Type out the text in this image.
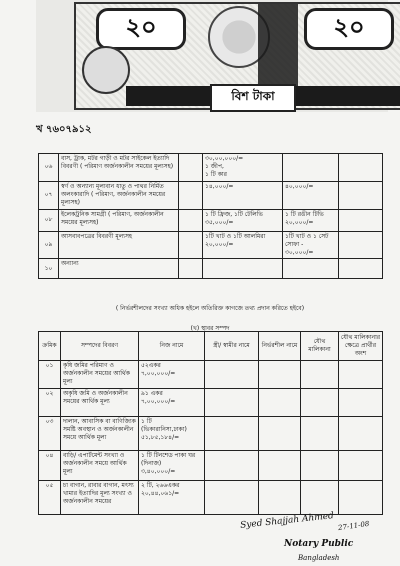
২০	২০
বিশ টাকা
খ ৭৬০৭৯১২
০৬	বাস, ট্রাক, মটর গাড়ী ও মটর সাইকেল ইত্যাদি বিবরণী ( পরিমাণ অর্জনকালীন সময়ের মূল্যসহ)		৩০,০০,০০০/=
১ জীপ,
১ টি কার		
০৭	স্বর্ণ ও অন্যান্য মূল্যবান ধাতু ও পাথর নির্মিত অলংকারাদি ( পরিমাণ, অর্জনকালীন সময়ের মূল্যসহ)		১৪,০০০/=	৪০,০০০/=	
০৮	ইলেকট্রনিক সামগ্রী ( পরিমাণ, অর্জনকালীন সময়ের মূল্যসহ)		১ টি ফ্রিজ, ১টি টেলিভি
৩৫,০০০/=	১ টি রঙীন টিভি
২০,০০০/=	
০৯	আসবাবপত্রের বিবরণী মূল্যসহ		১টি খাট ও ১টি আলমিরা
২০,০০০/=	১টি খাট ও ১ সেট সোফা -
৩০,০০০/=	
১০	অন্যান্য				
( নির্ভরশীলদের সংখ্যা অধিক হইলে অতিরিক্ত কাগজে তথ্য প্রদান করিতে হইবে)
(খ) স্থাবর সম্পদ
ক্রমিক	সম্পদের বিবরণ	নিজ নামে	স্ত্রী/ স্বামীর নামে	নির্ভরশীল নামে	যৌথ মালিকানা	যৌথ মালিকানার ক্ষেত্রে প্রার্থীর অংশ
০১	কৃষি জমির পরিমাণ ও অর্জনকালীন সময়ের আর্থিক মূল্য	৫২একর
৭,০০,০০০/=				
০২	অকৃষি জমি ও অর্জনকালীন সময়ের আর্থিক মূল্য	৯১ একর
৭,০০,০০০/=				
০৩	দালান, আবাসিক বা বাণিজ্যিক সমষ্টি অবস্থান ও অর্জনকালীন সময়ে আর্থিক মূল্য	১ টি
(ভিকারানিসা,ঢাকা)
৫১,৮৫,১৮৪/=				
০৪	বাড়ি/ এপার্টমেন্ট সংখ্যা ও অর্জনকালীন সময়ে আর্থিক মূল্য	১ টি টিনশেড পাকা ঘর (দিনাজ)
৩,৪০,০০০/=				
০৫	চা বাগান, রাবার বাগান, মৎস্য খামার ইত্যাদির মূল্য সংখ্যা ও অর্জনকালীন সময়ের	২ টি, ২৬৬একর
২০,৪৪,০৬১/=				
Syed Shajjah Ahmed 27-11-08
Notary Public
Bangladesh
